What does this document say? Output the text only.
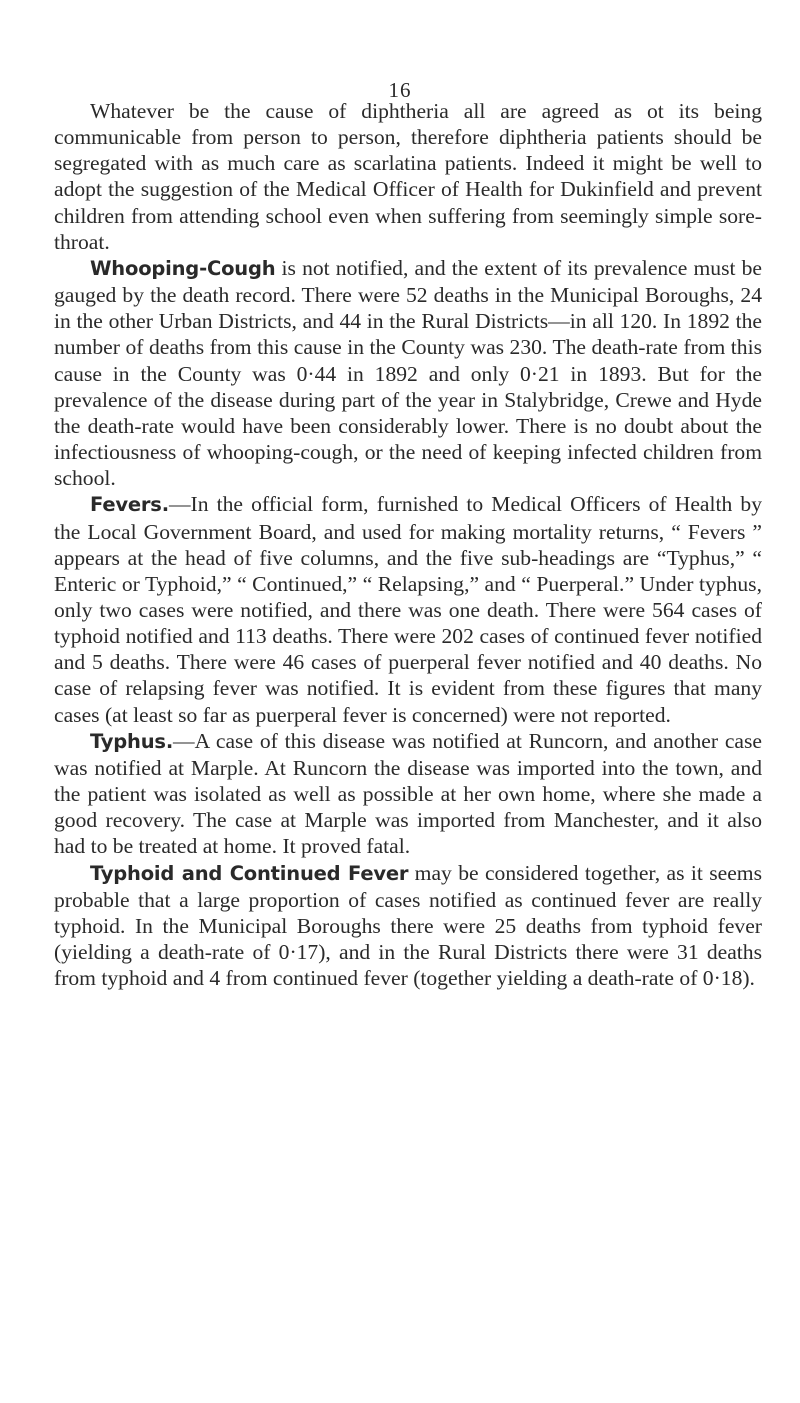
16

Whatever be the cause of diphtheria all are agreed as ot its being communicable from person to person, therefore diphtheria patients should be segregated with as much care as scarlatina patients. Indeed it might be well to adopt the suggestion of the Medical Officer of Health for Dukinfield and prevent children from attending school even when suffering from seemingly simple sore-throat.

Whooping-Cough is not notified, and the extent of its prevalence must be gauged by the death record. There were 52 deaths in the Municipal Boroughs, 24 in the other Urban Districts, and 44 in the Rural Districts—in all 120. In 1892 the number of deaths from this cause in the County was 230. The death-rate from this cause in the County was 0·44 in 1892 and only 0·21 in 1893. But for the prevalence of the disease during part of the year in Stalybridge, Crewe and Hyde the death-rate would have been considerably lower. There is no doubt about the infectiousness of whooping-cough, or the need of keeping infected children from school.

Fevers.—In the official form, furnished to Medical Officers of Health by the Local Government Board, and used for making mortality returns, “ Fevers ” appears at the head of five columns, and the five sub-headings are “Typhus,” “ Enteric or Typhoid,” “ Continued,” “ Relapsing,” and “ Puerperal.” Under typhus, only two cases were notified, and there was one death. There were 564 cases of typhoid notified and 113 deaths. There were 202 cases of continued fever notified and 5 deaths. There were 46 cases of puerperal fever notified and 40 deaths. No case of relapsing fever was notified. It is evident from these figures that many cases (at least so far as puerperal fever is concerned) were not reported.

Typhus.—A case of this disease was notified at Runcorn, and another case was notified at Marple. At Runcorn the disease was imported into the town, and the patient was isolated as well as possible at her own home, where she made a good recovery. The case at Marple was imported from Manchester, and it also had to be treated at home. It proved fatal.

Typhoid and Continued Fever may be considered together, as it seems probable that a large proportion of cases notified as continued fever are really typhoid. In the Municipal Boroughs there were 25 deaths from typhoid fever (yielding a death-rate of 0·17), and in the Rural Districts there were 31 deaths from typhoid and 4 from continued fever (together yielding a death-rate of 0·18).
